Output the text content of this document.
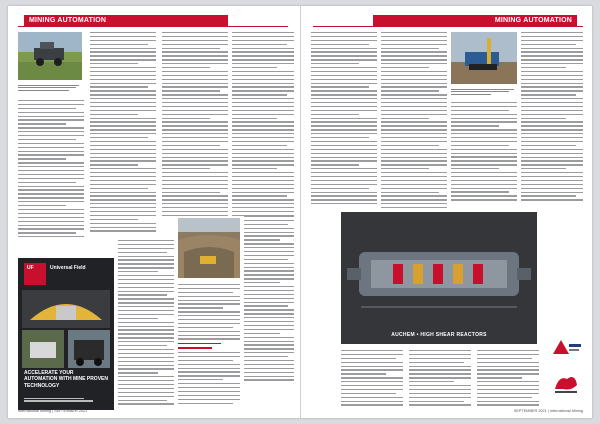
MINING AUTOMATION
UF	Universal Field
ACCELERATE YOUR AUTOMATION WITH MINE PROVEN TECHNOLOGY
International Mining | SEPTEMBER 2021
MINING AUTOMATION
AUCHEM • HIGH SHEAR REACTORS
SEPTEMBER 2021 | International Mining
